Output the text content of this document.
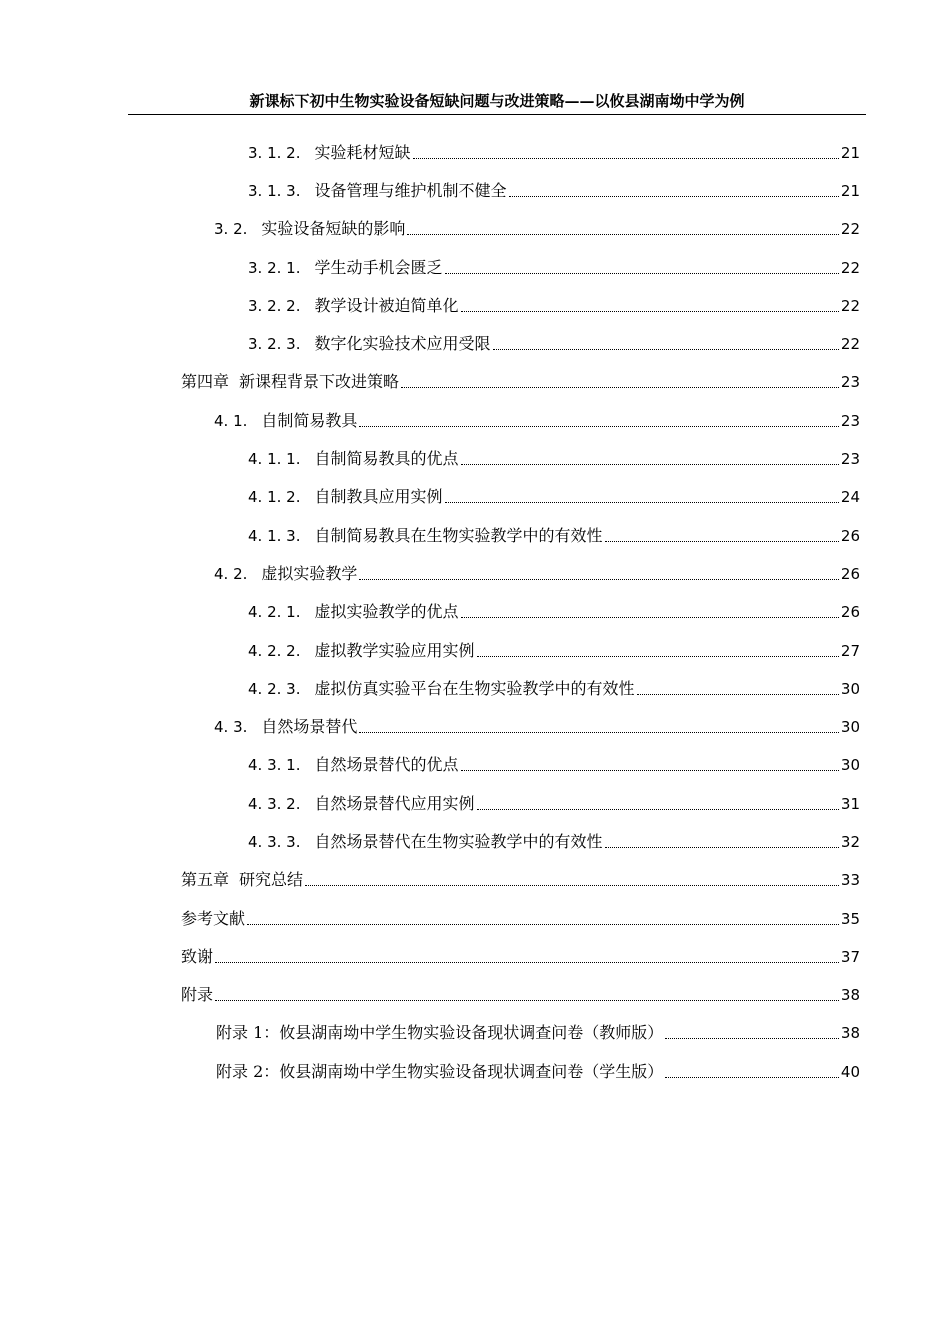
新课标下初中生物实验设备短缺问题与改进策略——以攸县湖南坳中学为例
3. 1. 2. 实验耗材短缺	21
3. 1. 3. 设备管理与维护机制不健全	21
3. 2. 实验设备短缺的影响	22
3. 2. 1. 学生动手机会匮乏	22
3. 2. 2. 教学设计被迫简单化	22
3. 2. 3. 数字化实验技术应用受限	22
第四章 新课程背景下改进策略	23
4. 1. 自制简易教具	23
4. 1. 1. 自制简易教具的优点	23
4. 1. 2. 自制教具应用实例	24
4. 1. 3. 自制简易教具在生物实验教学中的有效性	26
4. 2. 虚拟实验教学	26
4. 2. 1. 虚拟实验教学的优点	26
4. 2. 2. 虚拟教学实验应用实例	27
4. 2. 3. 虚拟仿真实验平台在生物实验教学中的有效性	30
4. 3. 自然场景替代	30
4. 3. 1. 自然场景替代的优点	30
4. 3. 2. 自然场景替代应用实例	31
4. 3. 3. 自然场景替代在生物实验教学中的有效性	32
第五章 研究总结	33
参考文献	35
致谢	37
附录	38
附录 1：攸县湖南坳中学生物实验设备现状调查问卷（教师版）	38
附录 2：攸县湖南坳中学生物实验设备现状调查问卷（学生版）	40
